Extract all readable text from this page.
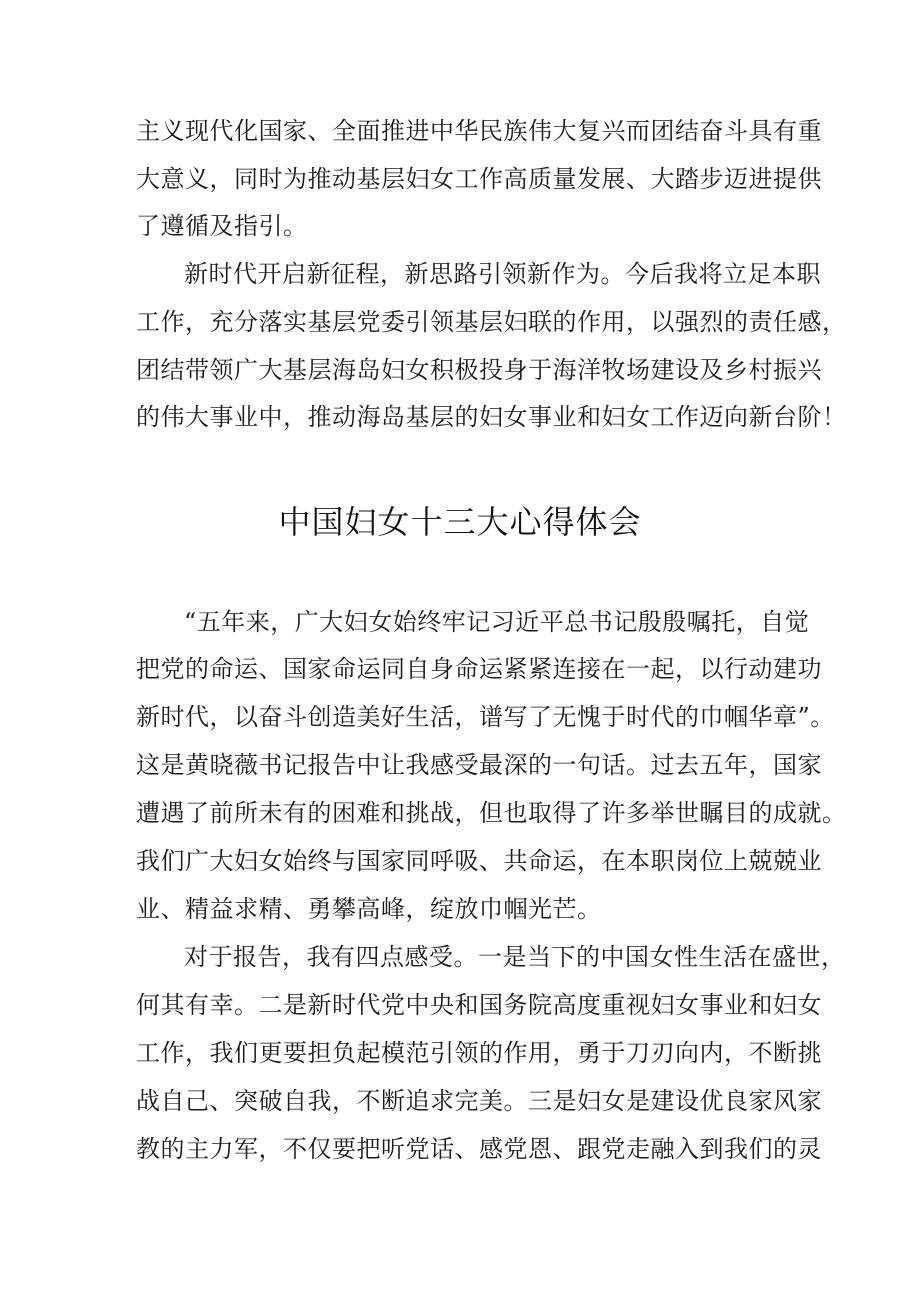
主义现代化国家、全面推进中华民族伟大复兴而团结奋斗具有重
大意义，同时为推动基层妇女工作高质量发展、大踏步迈进提供
了遵循及指引。
新时代开启新征程，新思路引领新作为。今后我将立足本职
工作，充分落实基层党委引领基层妇联的作用，以强烈的责任感，
团结带领广大基层海岛妇女积极投身于海洋牧场建设及乡村振兴
的伟大事业中，推动海岛基层的妇女事业和妇女工作迈向新台阶！
中国妇女十三大心得体会
“五年来，广大妇女始终牢记习近平总书记殷殷嘱托，自觉
把党的命运、国家命运同自身命运紧紧连接在一起，以行动建功
新时代，以奋斗创造美好生活，谱写了无愧于时代的巾帼华章”。
这是黄晓薇书记报告中让我感受最深的一句话。过去五年，国家
遭遇了前所未有的困难和挑战，但也取得了许多举世瞩目的成就。
我们广大妇女始终与国家同呼吸、共命运，在本职岗位上兢兢业
业、精益求精、勇攀高峰，绽放巾帼光芒。
对于报告，我有四点感受。一是当下的中国女性生活在盛世，
何其有幸。二是新时代党中央和国务院高度重视妇女事业和妇女
工作，我们更要担负起模范引领的作用，勇于刀刃向内，不断挑
战自己、突破自我，不断追求完美。三是妇女是建设优良家风家
教的主力军，不仅要把听党话、感党恩、跟党走融入到我们的灵
